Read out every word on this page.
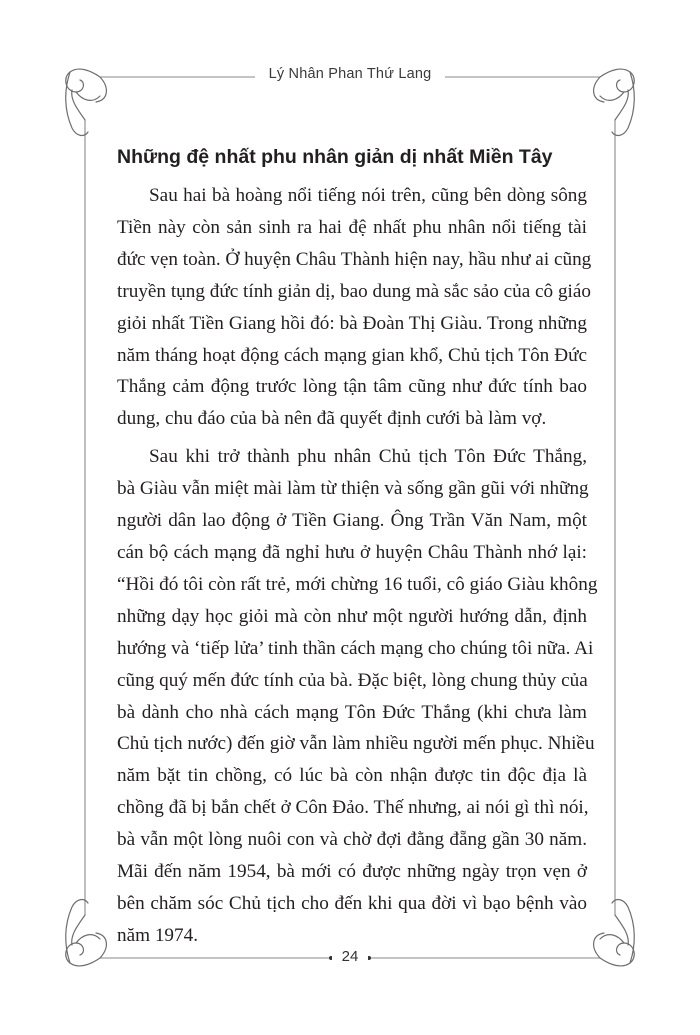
Lý Nhân Phan Thứ Lang
Những đệ nhất phu nhân giản dị nhất Miền Tây

Sau hai bà hoàng nổi tiếng nói trên, cũng bên dòng sông
Tiền này còn sản sinh ra hai đệ nhất phu nhân nổi tiếng tài
đức vẹn toàn. Ở huyện Châu Thành hiện nay, hầu như ai cũng
truyền tụng đức tính giản dị, bao dung mà sắc sảo của cô giáo
giỏi nhất Tiền Giang hồi đó: bà Đoàn Thị Giàu. Trong những
năm tháng hoạt động cách mạng gian khổ, Chủ tịch Tôn Đức
Thắng cảm động trước lòng tận tâm cũng như đức tính bao
dung, chu đáo của bà nên đã quyết định cưới bà làm vợ.

Sau khi trở thành phu nhân Chủ tịch Tôn Đức Thắng,
bà Giàu vẫn miệt mài làm từ thiện và sống gần gũi với những
người dân lao động ở Tiền Giang. Ông Trần Văn Nam, một
cán bộ cách mạng đã nghỉ hưu ở huyện Châu Thành nhớ lại:
“Hồi đó tôi còn rất trẻ, mới chừng 16 tuổi, cô giáo Giàu không
những dạy học giỏi mà còn như một người hướng dẫn, định
hướng và ‘tiếp lửa’ tinh thần cách mạng cho chúng tôi nữa. Ai
cũng quý mến đức tính của bà. Đặc biệt, lòng chung thủy của
bà dành cho nhà cách mạng Tôn Đức Thắng (khi chưa làm
Chủ tịch nước) đến giờ vẫn làm nhiều người mến phục. Nhiều
năm bặt tin chồng, có lúc bà còn nhận được tin độc địa là
chồng đã bị bắn chết ở Côn Đảo. Thế nhưng, ai nói gì thì nói,
bà vẫn một lòng nuôi con và chờ đợi đằng đẵng gần 30 năm.
Mãi đến năm 1954, bà mới có được những ngày trọn vẹn ở
bên chăm sóc Chủ tịch cho đến khi qua đời vì bạo bệnh vào
năm 1974.

24
